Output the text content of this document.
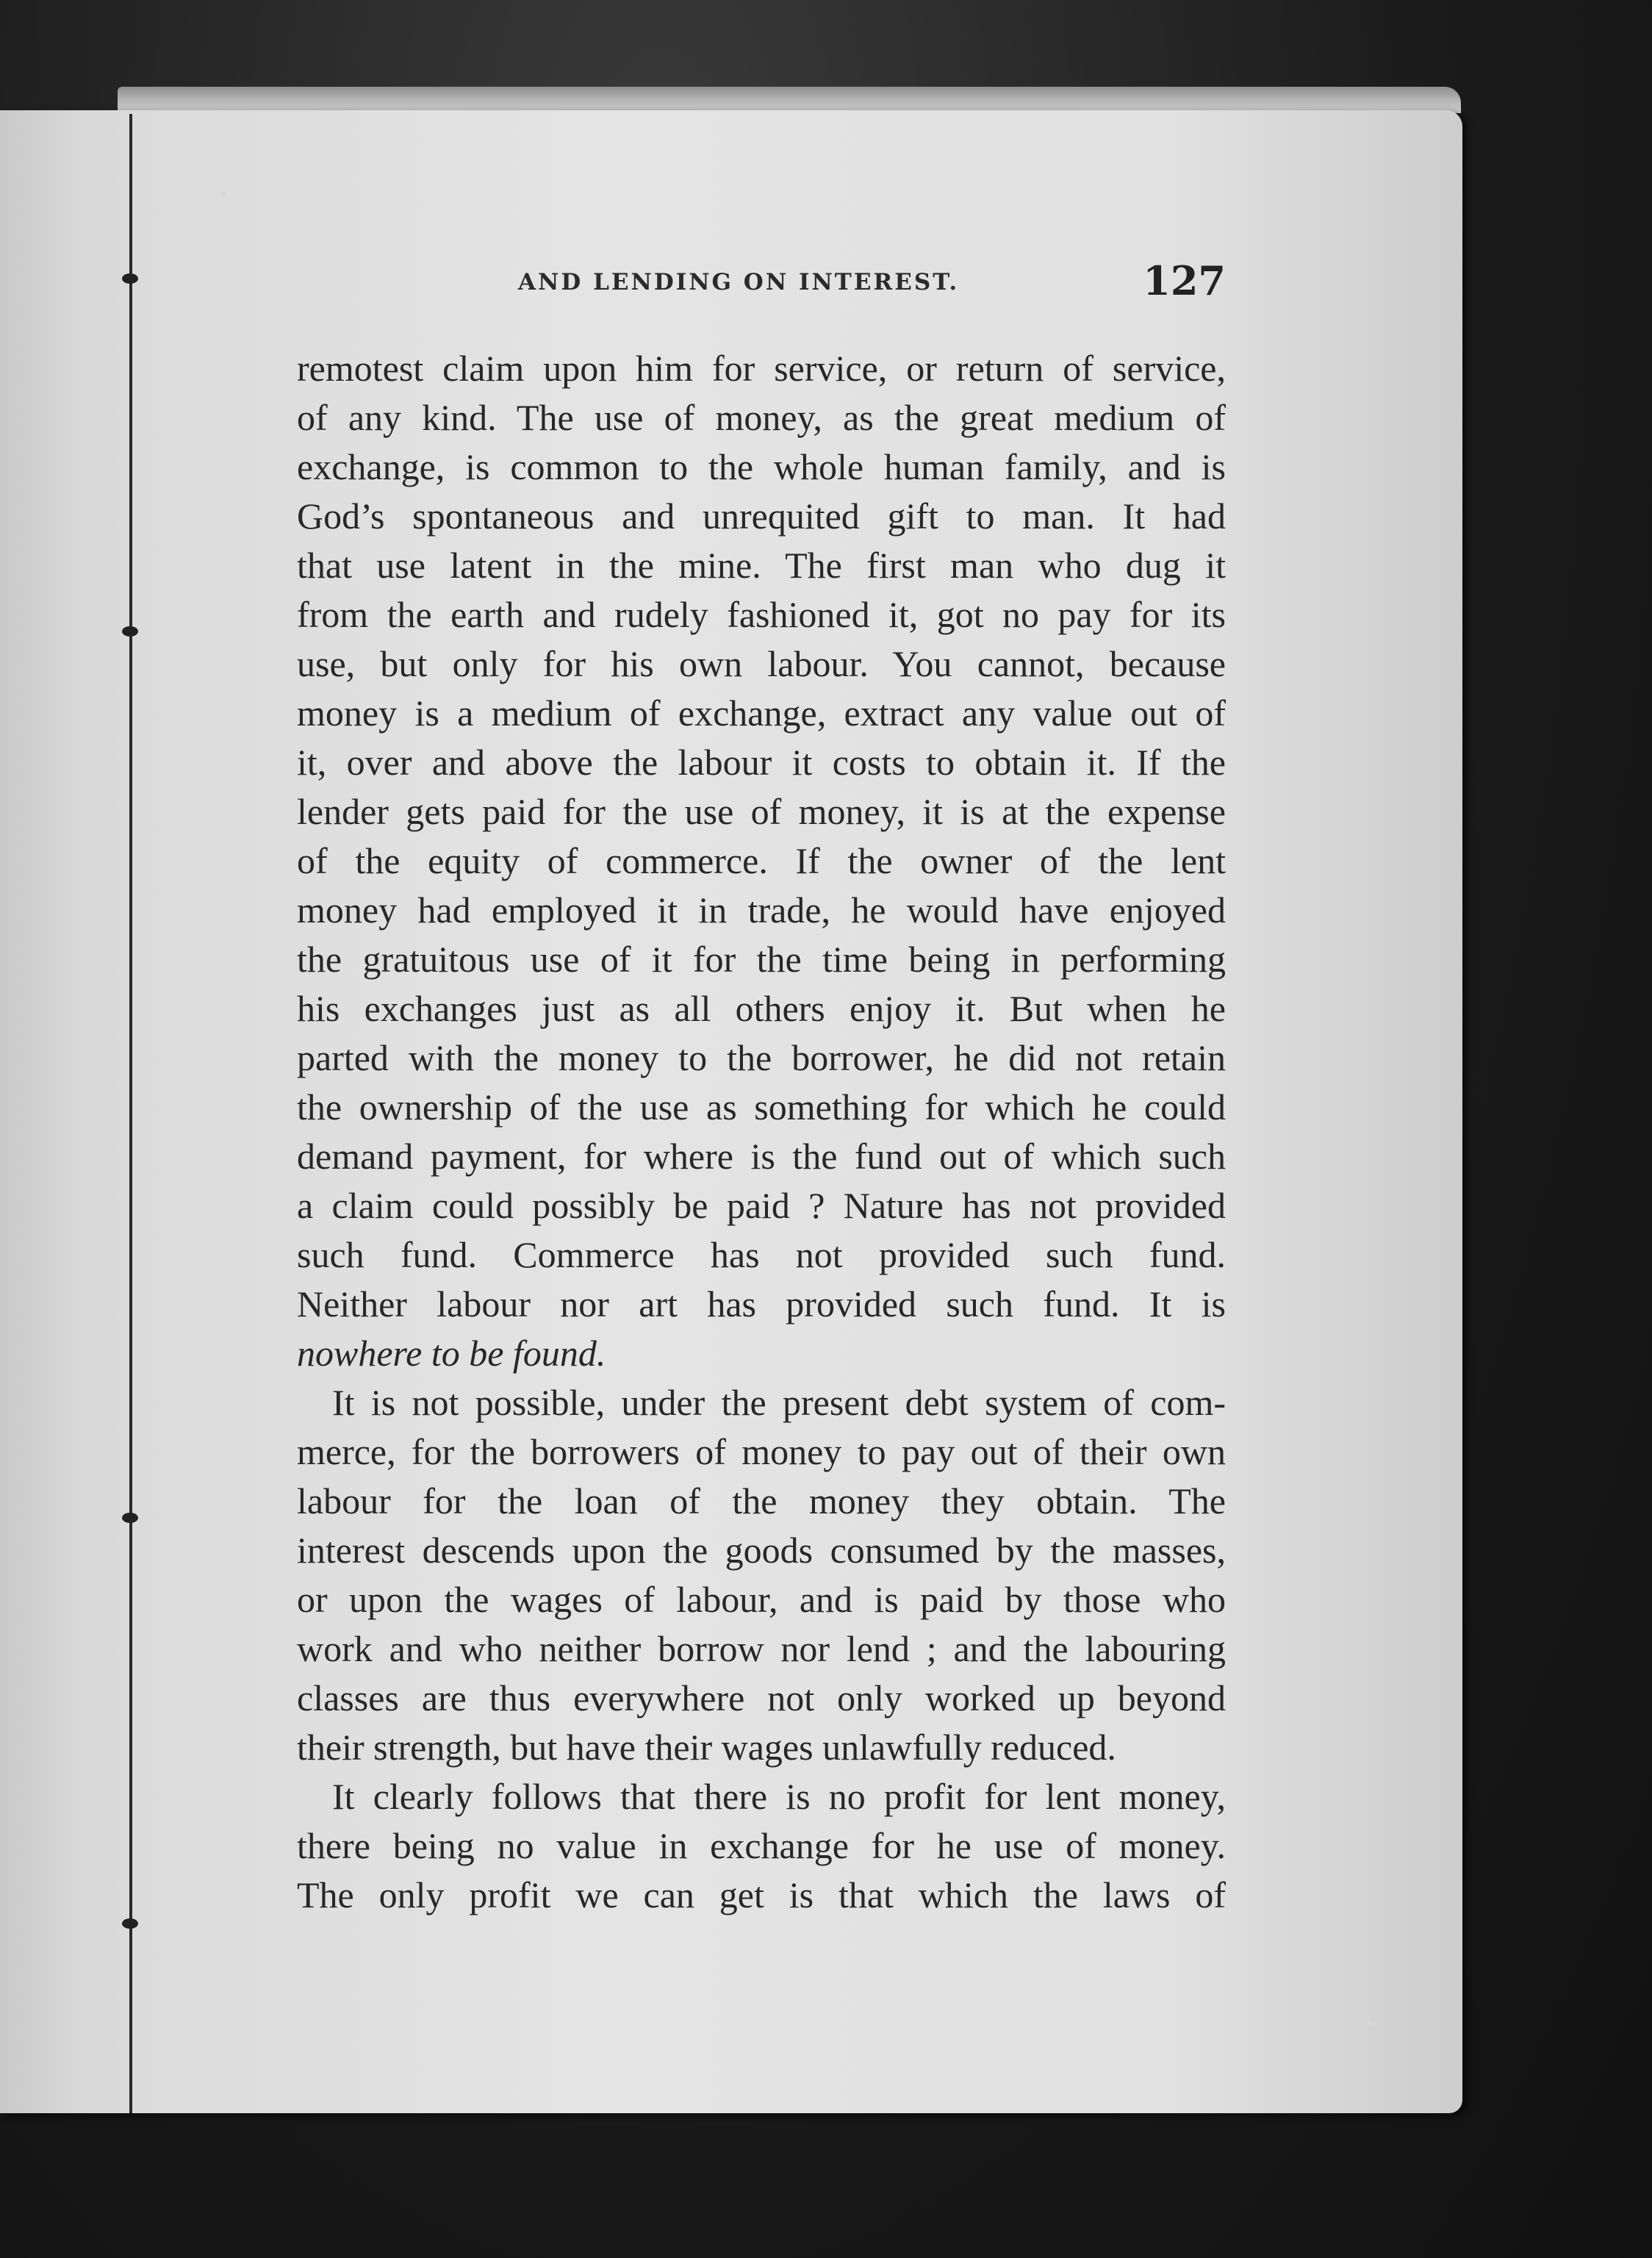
AND LENDING ON INTEREST.	127
remotest claim upon him for service, or return of service,
of any kind. The use of money, as the great medium of
exchange, is common to the whole human family, and is
God’s spontaneous and unrequited gift to man. It had
that use latent in the mine. The first man who dug it
from the earth and rudely fashioned it, got no pay for its
use, but only for his own labour. You cannot, because
money is a medium of exchange, extract any value out of
it, over and above the labour it costs to obtain it. If the
lender gets paid for the use of money, it is at the expense
of the equity of commerce. If the owner of the lent
money had employed it in trade, he would have enjoyed
the gratuitous use of it for the time being in performing
his exchanges just as all others enjoy it. But when he
parted with the money to the borrower, he did not retain
the ownership of the use as something for which he could
demand payment, for where is the fund out of which such
a claim could possibly be paid ? Nature has not provided
such fund. Commerce has not provided such fund.
Neither labour nor art has provided such fund. It is
nowhere to be found.
It is not possible, under the present debt system of com-
merce, for the borrowers of money to pay out of their own
labour for the loan of the money they obtain. The
interest descends upon the goods consumed by the masses,
or upon the wages of labour, and is paid by those who
work and who neither borrow nor lend ; and the labouring
classes are thus everywhere not only worked up beyond
their strength, but have their wages unlawfully reduced.
It clearly follows that there is no profit for lent money,
there being no value in exchange for he use of money.
The only profit we can get is that which the laws of
